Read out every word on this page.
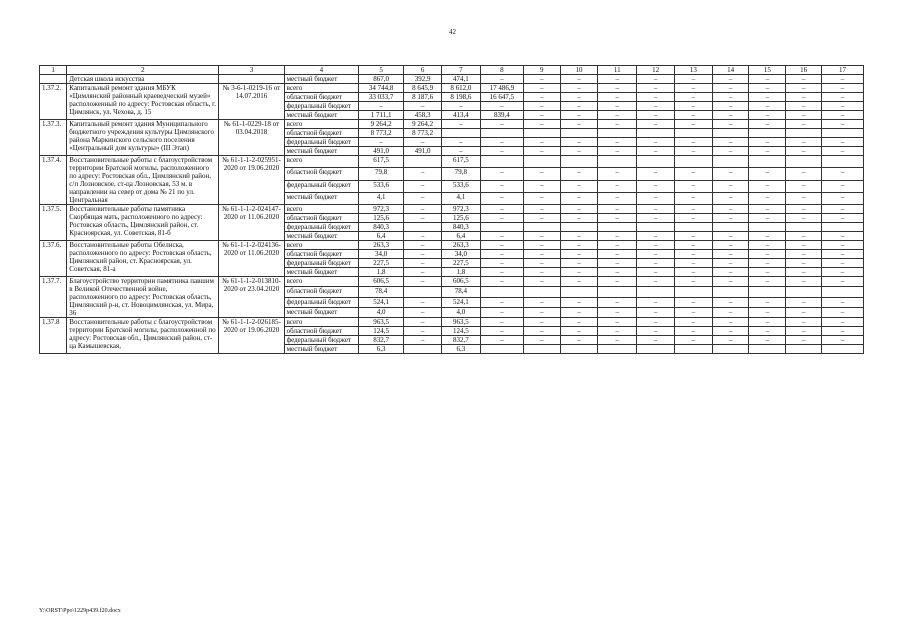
42
1	2	3	4	5	6	7	8	9	10	11	12	13	14	15	16	17
	Детская школа искусства		местный бюджет	867,0	392,9	474,1	–	–	–	–	–	–	–	–	–	–
1.37.2.	Капитальный ремонт здания МБУК «Цимлянский районный краеведческий музей» расположенный по адресу: Ростовская область, г. Цимлянск, ул. Чехова, д. 15	№ 3-6-1-0219-16 от 14.07.2016	всего	34 744,8	8 645,9	8 612,0	17 486,9	–	–	–	–	–	–	–	–	–
			областной бюджет	33 033,7	8 187,6	8 198,6	16 647,5	–	–	–	–	–	–	–	–	–
			федеральный бюджет	–	–	–	–	–	–	–	–	–	–	–	–	–
			местный бюджет	1 711,1	458,3	413,4	839,4	–	–	–	–	–	–	–	–	–
1.37.3.	Капитальный ремонт здания Муниципального бюджетного учреждения культуры Цимлянского района Маркинского сельского поселения «Центральный дом культуры» (III Этап)	№ 61-1-0229-18 от 03.04.2018	всего	9 264,2	9 264,2	–	–	–	–	–	–	–	–	–	–	–
			областной бюджет	8 773,2	8 773,2											
			федеральный бюджет	–	–	–	–	–	–	–	–	–	–	–	–	–
			местный бюджет	491,0	491,0	–	–	–	–	–	–	–	–	–	–	–
1.37.4.	Восстановительные работы с благоустройством территории Братской могилы, расположенного по адресу: Ростовская обл., Цимлянский район, с/п Лозновское, ст-ца Лозновская, 53 м. в направлении на север от дома № 21 по ул. Центральная	№ 61-1-1-2-025951-2020 от 19.06.2020	всего	617,5		617,5										
			областной бюджет	79,8	–	79,8	–	–	–	–	–	–	–	–	–	–
			федеральный бюджет	533,6	–	533,6	–	–	–	–	–	–	–	–	–	–
			местный бюджет	4,1	–	4,1	–	–	–	–	–	–	–	–	–	–
1.37.5.	Восстановительные работы памятника Скорбящая мать, расположенного по адресу: Ростовская область, Цимлянский район, ст. Красноярская, ул. Советская, 81-б	№ 61-1-1-2-024147-2020 от 11.06.2020	всего	972,3	–	972,3	–	–	–	–	–	–	–	–	–	–
			областной бюджет	125,6	–	125,6	–	–	–	–	–	–	–	–	–	–
			федеральный бюджет	840,3		840,3										
			местный бюджет	6,4	–	6,4	–	–	–	–	–	–	–	–	–	–
1.37.6.	Восстановительные работы Обелиска, расположенного по адресу: Ростовская область, Цимлянский район, ст. Красноярская, ул. Советская, 81-а	№ 61-1-1-2-024136-2020 от 11.06.2020	всего	263,3	–	263,3	–	–	–	–	–	–	–	–	–	–
			областной бюджет	34,0	–	34,0	–	–	–	–	–	–	–	–	–	–
			федеральный бюджет	227,5	–	227,5	–	–	–	–	–	–	–	–	–	–
			местный бюджет	1,8	–	1,8	–	–	–	–	–	–	–	–	–	–
1.37.7.	Благоустройство территории памятника павшим в Великой Отечественной войне, расположенного по адресу: Ростовская область, Цимлянский р-н, ст. Новоцимлянская, ул. Мира, 36	№ 61-1-1-2-013810-2020 от 23.04.2020	всего	606,5	–	606,5	–	–	–	–	–	–	–	–	–	–
			областной бюджет	78,4		78,4										
			федеральный бюджет	524,1	–	524,1	–	–	–	–	–	–	–	–	–	–
			местный бюджет	4,0	–	4,0	–	–	–	–	–	–	–	–	–	–
1.37.8	Восстановительные работы с благоустройством территории Братской могилы, расположенной по адресу: Ростовская обл., Цимлянский район, ст-ца Камышевская,	№ 61-1-1-2-026185-2020 от 19.06.2020	всего	963,5	–	963,5	–	–	–	–	–	–	–	–	–	–
			областной бюджет	124,5	–	124,5	–	–	–	–	–	–	–	–	–	–
			федеральный бюджет	832,7	–	832,7	–	–	–	–	–	–	–	–	–	–
			местный бюджет	6,3		6,3										
Y:\ORST\Ppo\1229p439.f20.docx
